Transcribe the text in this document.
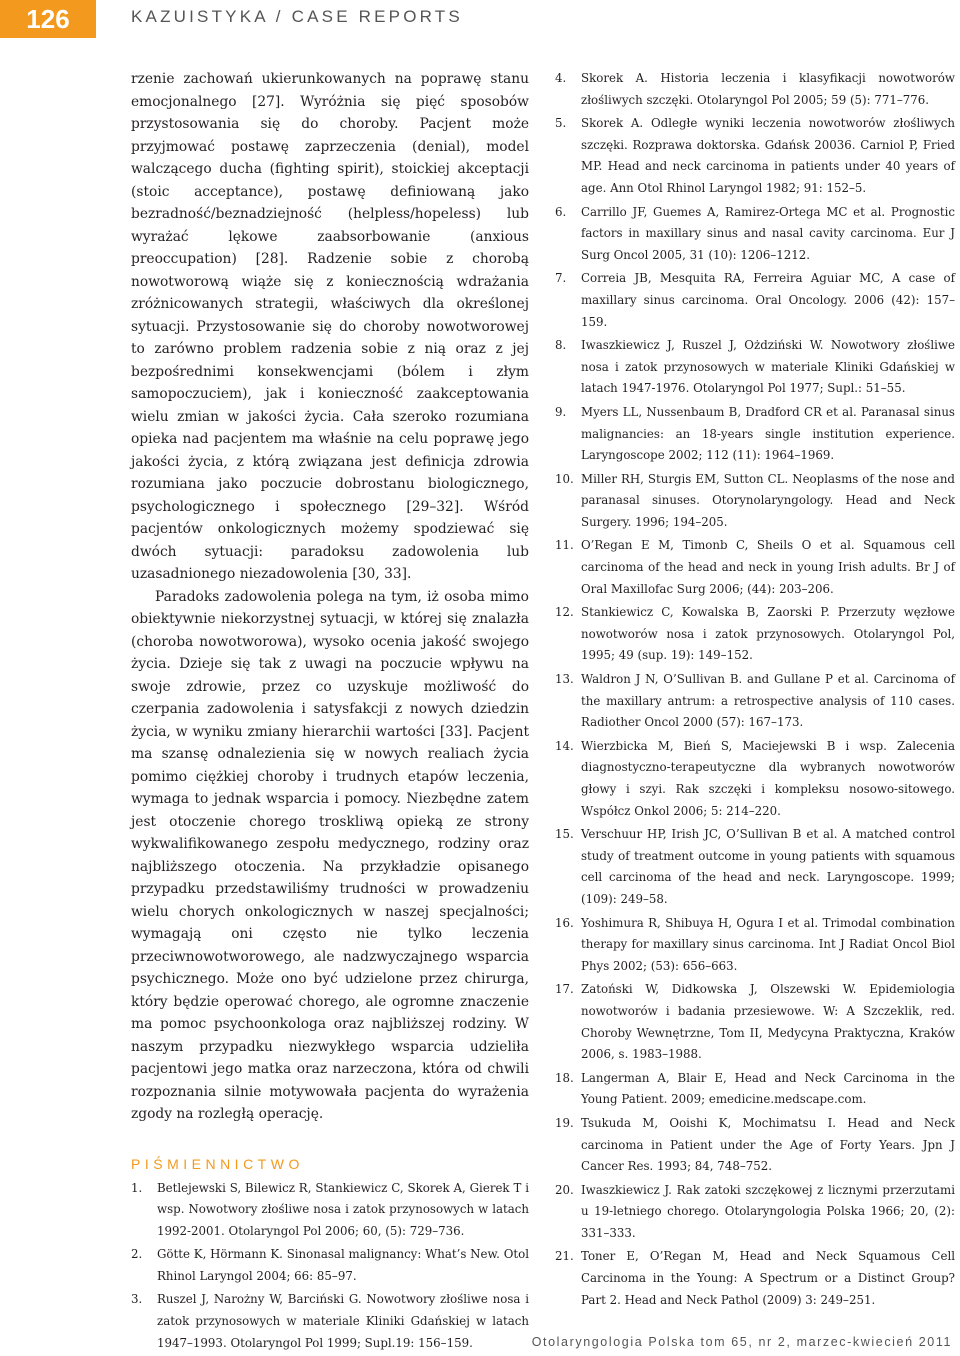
126	KAZUISTYKA / CASE REPORTS

rzenie zachowań ukierunkowanych na poprawę stanu emocjonalnego [27]. Wyróżnia się pięć sposobów przystosowania się do choroby. Pacjent może przyjmować postawę zaprzeczenia (denial), model walczącego ducha (fighting spirit), stoickiej akceptacji (stoic acceptance), postawę definiowaną jako bezradność/beznadziejność (helpless/hopeless) lub wyrażać lękowe zaabsorbowanie (anxious preoccupation) [28]. Radzenie sobie z chorobą nowotworową wiąże się z koniecznością wdrażania zróżnicowanych strategii, właściwych dla określonej sytuacji. Przystosowanie się do choroby nowotworowej to zarówno problem radzenia sobie z nią oraz z jej bezpośrednimi konsekwencjami (bólem i złym samopoczuciem), jak i konieczność zaakceptowania wielu zmian w jakości życia. Cała szeroko rozumiana opieka nad pacjentem ma właśnie na celu poprawę jego jakości życia, z którą związana jest definicja zdrowia rozumiana jako poczucie dobrostanu biologicznego, psychologicznego i społecznego [29–32]. Wśród pacjentów onkologicznych możemy spodziewać się dwóch sytuacji: paradoksu zadowolenia lub uzasadnionego niezadowolenia [30, 33].

Paradoks zadowolenia polega na tym, iż osoba mimo obiektywnie niekorzystnej sytuacji, w której się znalazła (choroba nowotworowa), wysoko ocenia jakość swojego życia. Dzieje się tak z uwagi na poczucie wpływu na swoje zdrowie, przez co uzyskuje możliwość do czerpania zadowolenia i satysfakcji z nowych dziedzin życia, w wyniku zmiany hierarchii wartości [33]. Pacjent ma szansę odnalezienia się w nowych realiach życia pomimo ciężkiej choroby i trudnych etapów leczenia, wymaga to jednak wsparcia i pomocy. Niezbędne zatem jest otoczenie chorego troskliwą opieką ze strony wykwalifikowanego zespołu medycznego, rodziny oraz najbliższego otoczenia. Na przykładzie opisanego przypadku przedstawiliśmy trudności w prowadzeniu wielu chorych onkologicznych w naszej specjalności; wymagają oni często nie tylko leczenia przeciwnowotworowego, ale nadzwyczajnego wsparcia psychicznego. Może ono być udzielone przez chirurga, który będzie operować chorego, ale ogromne znaczenie ma pomoc psychoonkologa oraz najbliższej rodziny. W naszym przypadku niezwykłego wsparcia udzieliła pacjentowi jego matka oraz narzeczona, która od chwili rozpoznania silnie motywowała pacjenta do wyrażenia zgody na rozległą operację.

PIŚMIENNICTWO
1. Betlejewski S, Bilewicz R, Stankiewicz C, Skorek A, Gierek T i wsp. Nowotwory złośliwe nosa i zatok przynosowych w latach 1992-2001. Otolaryngol Pol 2006; 60, (5): 729–736.
2. Götte K, Hörmann K. Sinonasal malignancy: What’s New. Otol Rhinol Laryngol 2004; 66: 85–97.
3. Ruszel J, Narożny W, Barciński G. Nowotwory złośliwe nosa i zatok przynosowych w materiale Kliniki Gdańskiej w latach 1947–1993. Otolaryngol Pol 1999; Supl.19: 156–159.
4. Skorek A. Historia leczenia i klasyfikacji nowotworów złośliwych szczęki. Otolaryngol Pol 2005; 59 (5): 771–776.
5. Skorek A. Odległe wyniki leczenia nowotworów złośliwych szczęki. Rozprawa doktorska. Gdańsk 20036. Carniol P, Fried MP. Head and neck carcinoma in patients under 40 years of age. Ann Otol Rhinol Laryngol 1982; 91: 152–5.
6. Carrillo JF, Guemes A, Ramirez-Ortega MC et al. Prognostic factors in maxillary sinus and nasal cavity carcinoma. Eur J Surg Oncol 2005, 31 (10): 1206–1212.
7. Correia JB, Mesquita RA, Ferreira Aguiar MC, A case of maxillary sinus carcinoma. Oral Oncology. 2006 (42): 157–159.
8. Iwaszkiewicz J, Ruszel J, Ożdziński W. Nowotwory złośliwe nosa i zatok przynosowych w materiale Kliniki Gdańskiej w latach 1947-1976. Otolaryngol Pol 1977; Supl.: 51–55.
9. Myers LL, Nussenbaum B, Dradford CR et al. Paranasal sinus malignancies: an 18-years single institution experience. Laryngoscope 2002; 112 (11): 1964–1969.
10. Miller RH, Sturgis EM, Sutton CL. Neoplasms of the nose and paranasal sinuses. Otorynolaryngology. Head and Neck Surgery. 1996; 194–205.
11. O’Regan E M, Timonb C, Sheils O et al. Squamous cell carcinoma of the head and neck in young Irish adults. Br J of Oral Maxillofac Surg 2006; (44): 203–206.
12. Stankiewicz C, Kowalska B, Zaorski P. Przerzuty węzłowe nowotworów nosa i zatok przynosowych. Otolaryngol Pol, 1995; 49 (sup. 19): 149–152.
13. Waldron J N, O’Sullivan B. and Gullane P et al. Carcinoma of the maxillary antrum: a retrospective analysis of 110 cases. Radiother Oncol 2000 (57): 167–173.
14. Wierzbicka M, Bień S, Maciejewski B i wsp. Zalecenia diagnostyczno-terapeutyczne dla wybranych nowotworów głowy i szyi. Rak szczęki i kompleksu nosowo-sitowego. Współcz Onkol 2006; 5: 214–220.
15. Verschuur HP, Irish JC, O’Sullivan B et al. A matched control study of treatment outcome in young patients with squamous cell carcinoma of the head and neck. Laryngoscope. 1999; (109): 249–58.
16. Yoshimura R, Shibuya H, Ogura I et al. Trimodal combination therapy for maxillary sinus carcinoma. Int J Radiat Oncol Biol Phys 2002; (53): 656–663.
17. Zatoński W, Didkowska J, Olszewski W. Epidemiologia nowotworów i badania przesiewowe. W: A Szczeklik, red. Choroby Wewnętrzne, Tom II, Medycyna Praktyczna, Kraków 2006, s. 1983–1988.
18. Langerman A, Blair E, Head and Neck Carcinoma in the Young Patient. 2009; emedicine.medscape.com.
19. Tsukuda M, Ooishi K, Mochimatsu I. Head and Neck carcinoma in Patient under the Age of Forty Years. Jpn J Cancer Res. 1993; 84, 748–752.
20. Iwaszkiewicz J. Rak zatoki szczękowej z licznymi przerzutami u 19-letniego chorego. Otolaryngologia Polska 1966; 20, (2): 331–333.
21. Toner E, O’Regan M, Head and Neck Squamous Cell Carcinoma in the Young: A Spectrum or a Distinct Group? Part 2. Head and Neck Pathol (2009) 3: 249–251.
Otolaryngologia Polska tom 65, nr 2, marzec-kwiecień 2011
